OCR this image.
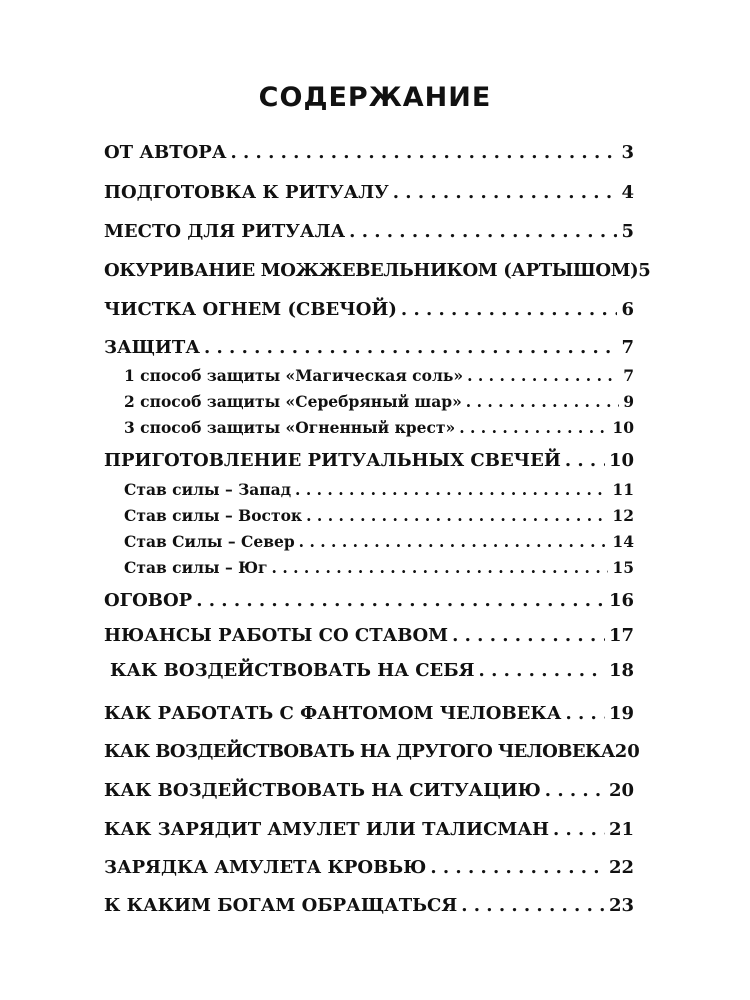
СОДЕРЖАНИЕ
ОТ АВТОРА . . .	3
ПОДГОТОВКА К РИТУАЛУ . . .	4
МЕСТО ДЛЯ РИТУАЛА . . .	5
ОКУРИВАНИЕ МОЖЖЕВЕЛЬНИКОМ (АРТЫШОМ) 5
ЧИСТКА ОГНЕМ (СВЕЧОЙ) . . .	6
ЗАЩИТА . . .	7
1 способ защиты «Магическая соль» . . .	7
2 способ защиты «Серебряный шар» . . .	9
3 способ защиты «Огненный крест» . . .	10
ПРИГОТОВЛЕНИЕ РИТУАЛЬНЫХ СВЕЧЕЙ . . .	10
Став силы – Запад . . .	11
Став силы – Восток . . .	12
Став Силы – Север . . .	14
Став силы – Юг . . .	15
ОГОВОР . . .	16
НЮАНСЫ РАБОТЫ СО СТАВОМ . . .	17
КАК ВОЗДЕЙСТВОВАТЬ НА СЕБЯ . . .	18
КАК РАБОТАТЬ С ФАНТОМОМ ЧЕЛОВЕКА . . .	19
КАК ВОЗДЕЙСТВОВАТЬ НА ДРУГОГО ЧЕЛОВЕКА 20
КАК ВОЗДЕЙСТВОВАТЬ НА СИТУАЦИЮ . . .	20
КАК ЗАРЯДИТ АМУЛЕТ ИЛИ ТАЛИСМАН . . .	21
ЗАРЯДКА АМУЛЕТА КРОВЬЮ . . .	22
К КАКИМ БОГАМ ОБРАЩАТЬСЯ . . .	23
